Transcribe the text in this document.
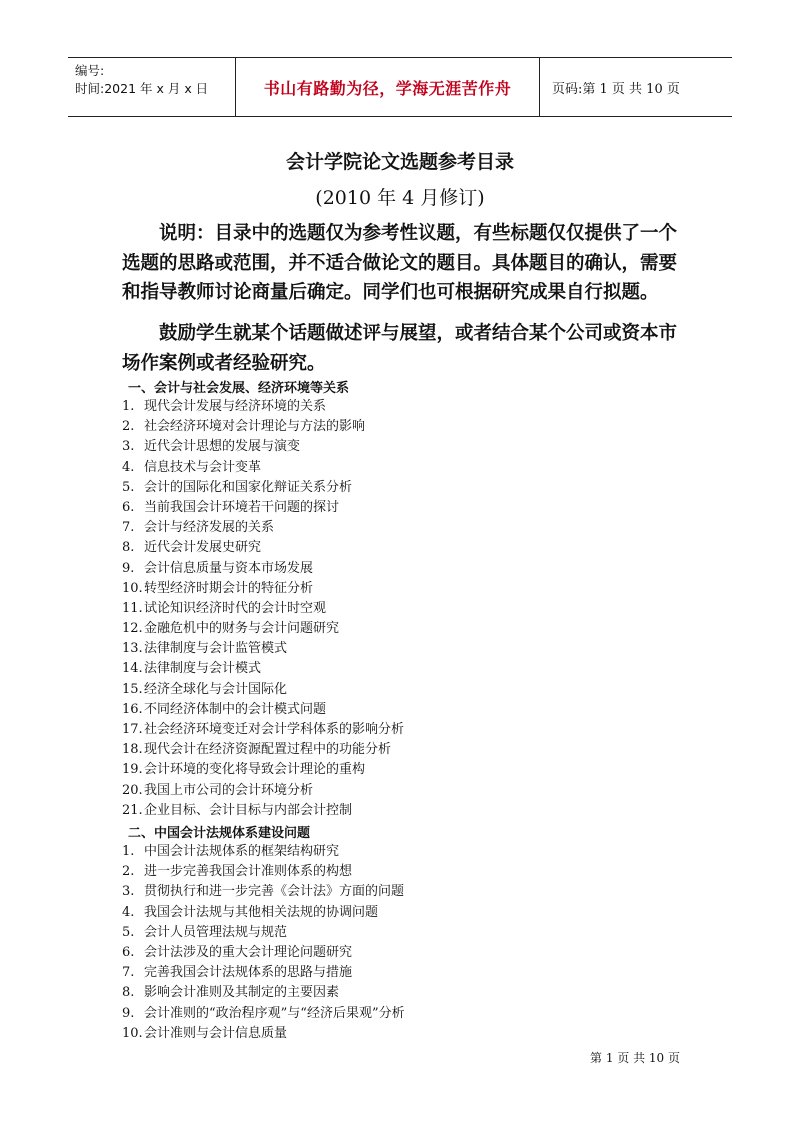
编号:
时间:2021 年 x 月 x 日	书山有路勤为径，学海无涯苦作舟	页码:第 1 页 共 10 页
会计学院论文选题参考目录
(2010 年 4 月修订)

说明：目录中的选题仅为参考性议题，有些标题仅仅提供了一个选题的思路或范围，并不适合做论文的题目。具体题目的确认，需要和指导教师讨论商量后确定。同学们也可根据研究成果自行拟题。

鼓励学生就某个话题做述评与展望，或者结合某个公司或资本市场作案例或者经验研究。

一、会计与社会发展、经济环境等关系
1. 现代会计发展与经济环境的关系
2. 社会经济环境对会计理论与方法的影响
3. 近代会计思想的发展与演变
4. 信息技术与会计变革
5. 会计的国际化和国家化辩证关系分析
6. 当前我国会计环境若干问题的探讨
7. 会计与经济发展的关系
8. 近代会计发展史研究
9. 会计信息质量与资本市场发展
10.转型经济时期会计的特征分析
11.试论知识经济时代的会计时空观
12.金融危机中的财务与会计问题研究
13.法律制度与会计监管模式
14.法律制度与会计模式
15.经济全球化与会计国际化
16.不同经济体制中的会计模式问题
17.社会经济环境变迁对会计学科体系的影响分析
18.现代会计在经济资源配置过程中的功能分析
19.会计环境的变化将导致会计理论的重构
20.我国上市公司的会计环境分析
21.企业目标、会计目标与内部会计控制
二、中国会计法规体系建设问题
1. 中国会计法规体系的框架结构研究
2. 进一步完善我国会计准则体系的构想
3. 贯彻执行和进一步完善《会计法》方面的问题
4. 我国会计法规与其他相关法规的协调问题
5. 会计人员管理法规与规范
6. 会计法涉及的重大会计理论问题研究
7. 完善我国会计法规体系的思路与措施
8. 影响会计准则及其制定的主要因素
9. 会计准则的“政治程序观”与“经济后果观”分析
10.会计准则与会计信息质量
第 1 页 共 10 页
